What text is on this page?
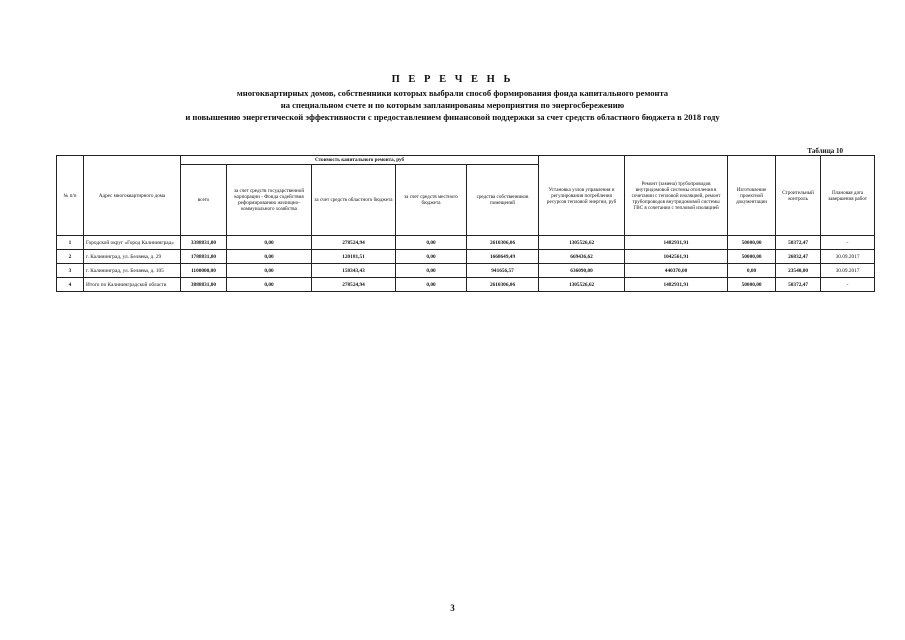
П Е Р Е Ч Е Н Ь
многоквартирных домов, собственники которых выбрали способ формирования фонда капитального ремонта
на специальном счете и по которым запланированы мероприятия по энергосбережению
и повышению энергетической эффективности с предоставлением финансовой поддержки за счет средств областного бюджета в 2018 году
Таблица 10
№ п/п	Адрес многоквартирного дома	Стоимость капитального ремонта, руб					Установка узлов управления и регулирования потребления ресурсов тепловой энергии, руб	Ремонт (замена) трубопроводов внутридомовой системы отопления в сочетании с тепловой изоляцией, ремонт трубопроводов внутридомовой системы ГВС в сочетании с тепловой изоляцией	Изготовление проектной документации	Строительный контроль	Плановая дата завершения работ
		всего	за счет средств государственной корпорации - Фонда содействия реформированию жилищно-коммунального хозяйства	за счет средств областного бюджета	за счет средств местного бюджета	средства собственников помещений					
1	Городской округ «Город Калининград»	3388831,00	0,00	278524,94	0,00	2610306,06	1305526,62	1482931,91	50000,00	50372,47	-
2	г. Калининград, ул. Беляева, д. 29	1788831,00	0,00	120181,51	0,00	1668649,49	669436,62	1042561,91	50000,00	26832,47	30.09.2017
3	г. Калининград, ул. Беляева, д. 105	1100000,00	0,00	158343,43	0,00	941656,57	636090,00	440370,00	0,00	23540,00	30.09.2017
4	Итого по Калининградской области	3888831,00	0,00	278524,94	0,00	2610306,06	1305526,62	1482931,91	50000,00	50372,47	-
3
